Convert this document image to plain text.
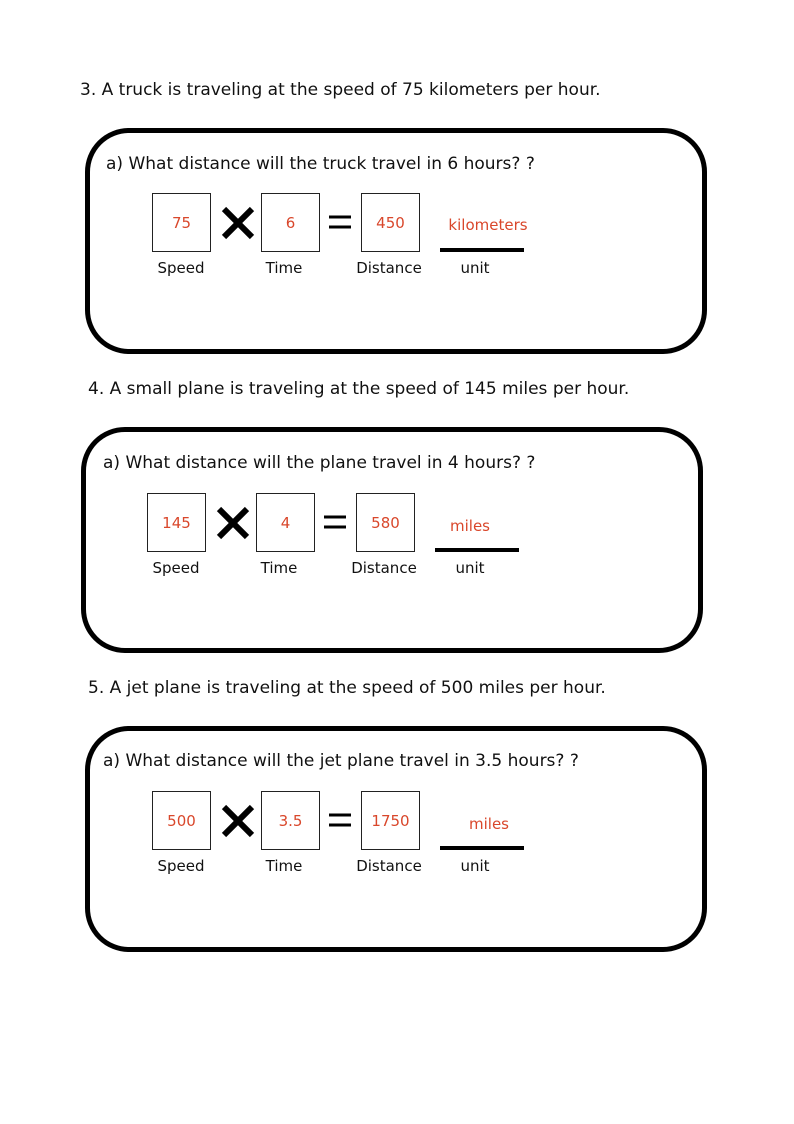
3. A truck is traveling at the speed of 75 kilometers per hour.

a) What distance will the truck travel in 6 hours? ?

75	6	450	kilometers
Speed	Time	Distance	unit

4. A small plane is traveling at the speed of 145 miles per hour.

a) What distance will the plane travel in 4 hours? ?

145	4	580	miles
Speed	Time	Distance	unit

5. A jet plane is traveling at the speed of 500 miles per hour.

a) What distance will the jet plane travel in 3.5 hours? ?

500	3.5	1750	miles
Speed	Time	Distance	unit
